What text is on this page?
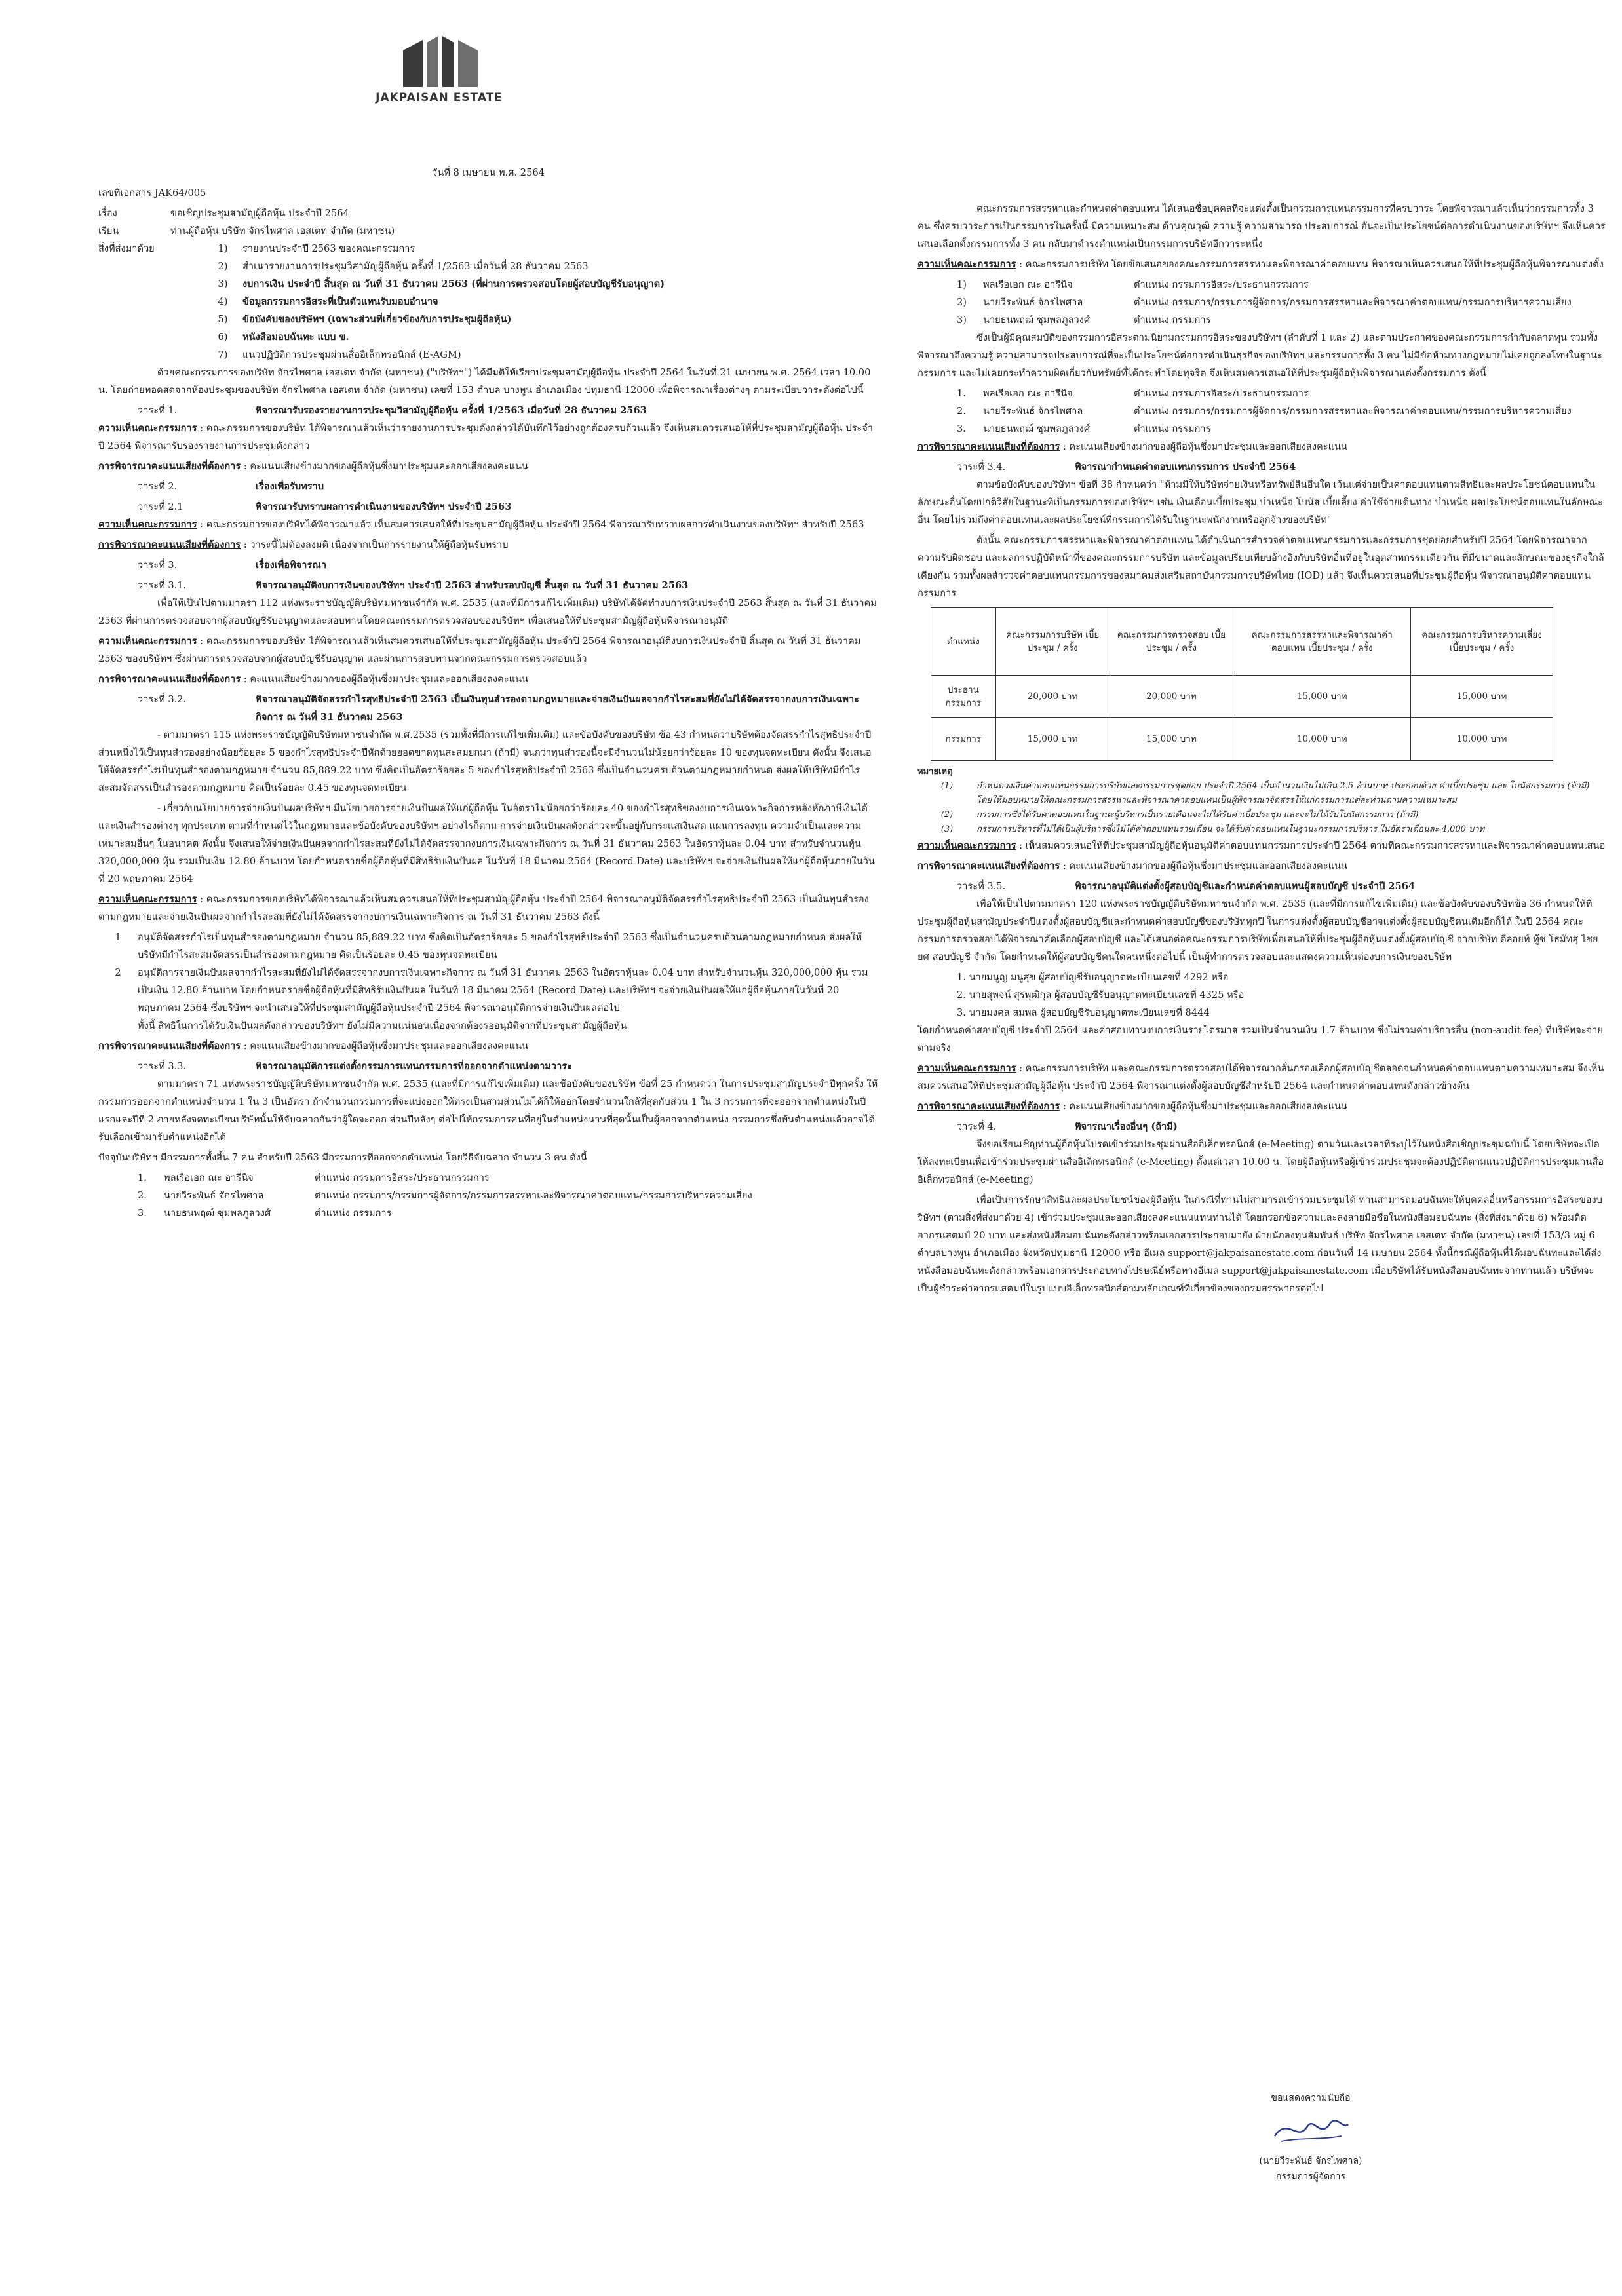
JAKPAISAN ESTATE

วันที่ 8 เมษายน พ.ศ. 2564

เลขที่เอกสาร JAK64/005

เรื่อง	ขอเชิญประชุมสามัญผู้ถือหุ้น ประจำปี 2564
เรียน	ท่านผู้ถือหุ้น บริษัท จักรไพศาล เอสเตท จำกัด (มหาชน)
สิ่งที่ส่งมาด้วย	1)	รายงานประจำปี 2563 ของคณะกรรมการ
2)	สำเนารายงานการประชุมวิสามัญผู้ถือหุ้น ครั้งที่ 1/2563 เมื่อวันที่ 28 ธันวาคม 2563
3)	งบการเงิน ประจำปี สิ้นสุด ณ วันที่ 31 ธันวาคม 2563 (ที่ผ่านการตรวจสอบโดยผู้สอบบัญชีรับอนุญาต)
4)	ข้อมูลกรรมการอิสระที่เป็นตัวแทนรับมอบอำนาจ
5)	ข้อบังคับของบริษัทฯ (เฉพาะส่วนที่เกี่ยวข้องกับการประชุมผู้ถือหุ้น)
6)	หนังสือมอบฉันทะ แบบ ข.
7)	แนวปฏิบัติการประชุมผ่านสื่ออิเล็กทรอนิกส์ (E-AGM)

ด้วยคณะกรรมการของบริษัท จักรไพศาล เอสเตท จำกัด (มหาชน) ("บริษัทฯ") ได้มีมติให้เรียกประชุมสามัญผู้ถือหุ้น ประจำปี 2564 ในวันที่ 21 เมษายน พ.ศ. 2564 เวลา 10.00 น. โดยถ่ายทอดสดจากห้องประชุมของบริษัท จักรไพศาล เอสเตท จำกัด (มหาชน) เลขที่ 153 ตำบล บางพูน อำเภอเมือง ปทุมธานี 12000 เพื่อพิจารณาเรื่องต่างๆ ตามระเบียบวาระดังต่อไปนี้

วาระที่ 1.	พิจารณารับรองรายงานการประชุมวิสามัญผู้ถือหุ้น ครั้งที่ 1/2563 เมื่อวันที่ 28 ธันวาคม 2563

ความเห็นคณะกรรมการ : คณะกรรมการของบริษัท ได้พิจารณาแล้วเห็นว่ารายงานการประชุมดังกล่าวได้บันทึกไว้อย่างถูกต้องครบถ้วนแล้ว จึงเห็นสมควรเสนอให้ที่ประชุมสามัญผู้ถือหุ้น ประจำปี 2564 พิจารณารับรองรายงานการประชุมดังกล่าว

การพิจารณาคะแนนเสียงที่ต้องการ : คะแนนเสียงข้างมากของผู้ถือหุ้นซึ่งมาประชุมและออกเสียงลงคะแนน

วาระที่ 2.	เรื่องเพื่อรับทราบ
วาระที่ 2.1	พิจารณารับทราบผลการดำเนินงานของบริษัทฯ ประจำปี 2563

ความเห็นคณะกรรมการ : คณะกรรมการของบริษัทได้พิจารณาแล้ว เห็นสมควรเสนอให้ที่ประชุมสามัญผู้ถือหุ้น ประจำปี 2564 พิจารณารับทราบผลการดำเนินงานของบริษัทฯ สำหรับปี 2563

การพิจารณาคะแนนเสียงที่ต้องการ : วาระนี้ไม่ต้องลงมติ เนื่องจากเป็นการรายงานให้ผู้ถือหุ้นรับทราบ

วาระที่ 3.	เรื่องเพื่อพิจารณา
วาระที่ 3.1.	พิจารณาอนุมัติงบการเงินของบริษัทฯ ประจำปี 2563 สำหรับรอบบัญชี สิ้นสุด ณ วันที่ 31 ธันวาคม 2563

เพื่อให้เป็นไปตามมาตรา 112 แห่งพระราชบัญญัติบริษัทมหาชนจำกัด พ.ศ. 2535 (และที่มีการแก้ไขเพิ่มเติม) บริษัทได้จัดทำงบการเงินประจำปี 2563 สิ้นสุด ณ วันที่ 31 ธันวาคม 2563 ที่ผ่านการตรวจสอบจากผู้สอบบัญชีรับอนุญาตและสอบทานโดยคณะกรรมการตรวจสอบของบริษัทฯ เพื่อเสนอให้ที่ประชุมสามัญผู้ถือหุ้นพิจารณาอนุมัติ

ความเห็นคณะกรรมการ : คณะกรรมการของบริษัท ได้พิจารณาแล้วเห็นสมควรเสนอให้ที่ประชุมสามัญผู้ถือหุ้น ประจำปี 2564 พิจารณาอนุมัติงบการเงินประจำปี สิ้นสุด ณ วันที่ 31 ธันวาคม 2563 ของบริษัทฯ ซึ่งผ่านการตรวจสอบจากผู้สอบบัญชีรับอนุญาต และผ่านการสอบทานจากคณะกรรมการตรวจสอบแล้ว

การพิจารณาคะแนนเสียงที่ต้องการ : คะแนนเสียงข้างมากของผู้ถือหุ้นซึ่งมาประชุมและออกเสียงลงคะแนน

วาระที่ 3.2.	พิจารณาอนุมัติจัดสรรกำไรสุทธิประจำปี 2563 เป็นเงินทุนสำรองตามกฎหมายและจ่ายเงินปันผลจากกำไรสะสมที่ยังไม่ได้จัดสรรจากงบการเงินเฉพาะกิจการ ณ วันที่ 31 ธันวาคม 2563

- ตามมาตรา 115 แห่งพระราชบัญญัติบริษัทมหาชนจำกัด พ.ศ.2535 (รวมทั้งที่มีการแก้ไขเพิ่มเติม) และข้อบังคับของบริษัท ข้อ 43 กำหนดว่าบริษัทต้องจัดสรรกำไรสุทธิประจำปีส่วนหนึ่งไว้เป็นทุนสำรองอย่างน้อยร้อยละ 5 ของกำไรสุทธิประจำปีหักด้วยยอดขาดทุนสะสมยกมา (ถ้ามี) จนกว่าทุนสำรองนี้จะมีจำนวนไม่น้อยกว่าร้อยละ 10 ของทุนจดทะเบียน ดังนั้น จึงเสนอให้จัดสรรกำไรเป็นทุนสำรองตามกฎหมาย จำนวน 85,889.22 บาท ซึ่งคิดเป็นอัตราร้อยละ 5 ของกำไรสุทธิประจำปี 2563 ซึ่งเป็นจำนวนครบถ้วนตามกฎหมายกำหนด ส่งผลให้บริษัทมีกำไรสะสมจัดสรรเป็นสำรองตามกฎหมาย คิดเป็นร้อยละ 0.45 ของทุนจดทะเบียน

- เกี่ยวกับนโยบายการจ่ายเงินปันผลบริษัทฯ มีนโยบายการจ่ายเงินปันผลให้แก่ผู้ถือหุ้น ในอัตราไม่น้อยกว่าร้อยละ 40 ของกำไรสุทธิของงบการเงินเฉพาะกิจการหลังหักภาษีเงินได้และเงินสำรองต่างๆ ทุกประเภท ตามที่กำหนดไว้ในกฎหมายและข้อบังคับของบริษัทฯ อย่างไรก็ตาม การจ่ายเงินปันผลดังกล่าวจะขึ้นอยู่กับกระแสเงินสด แผนการลงทุน ความจำเป็นและความเหมาะสมอื่นๆ ในอนาคต ดังนั้น จึงเสนอให้จ่ายเงินปันผลจากกำไรสะสมที่ยังไม่ได้จัดสรรจากงบการเงินเฉพาะกิจการ ณ วันที่ 31 ธันวาคม 2563 ในอัตราหุ้นละ 0.04 บาท สำหรับจำนวนหุ้น 320,000,000 หุ้น รวมเป็นเงิน 12.80 ล้านบาท โดยกำหนดรายชื่อผู้ถือหุ้นที่มีสิทธิรับเงินปันผล ในวันที่ 18 มีนาคม 2564 (Record Date) และบริษัทฯ จะจ่ายเงินปันผลให้แก่ผู้ถือหุ้นภายในวันที่ 20 พฤษภาคม 2564

ความเห็นคณะกรรมการ : คณะกรรมการของบริษัทได้พิจารณาแล้วเห็นสมควรเสนอให้ที่ประชุมสามัญผู้ถือหุ้น ประจำปี 2564 พิจารณาอนุมัติจัดสรรกำไรสุทธิประจำปี 2563 เป็นเงินทุนสำรองตามกฎหมายและจ่ายเงินปันผลจากกำไรสะสมที่ยังไม่ได้จัดสรรจากงบการเงินเฉพาะกิจการ ณ วันที่ 31 ธันวาคม 2563 ดังนี้

1	อนุมัติจัดสรรกำไรเป็นทุนสำรองตามกฎหมาย จำนวน 85,889.22 บาท ซึ่งคิดเป็นอัตราร้อยละ 5 ของกำไรสุทธิประจำปี 2563 ซึ่งเป็นจำนวนครบถ้วนตามกฎหมายกำหนด ส่งผลให้บริษัทมีกำไรสะสมจัดสรรเป็นสำรองตามกฎหมาย คิดเป็นร้อยละ 0.45 ของทุนจดทะเบียน
2	อนุมัติการจ่ายเงินปันผลจากกำไรสะสมที่ยังไม่ได้จัดสรรจากงบการเงินเฉพาะกิจการ ณ วันที่ 31 ธันวาคม 2563 ในอัตราหุ้นละ 0.04 บาท สำหรับจำนวนหุ้น 320,000,000 หุ้น รวมเป็นเงิน 12.80 ล้านบาท โดยกำหนดรายชื่อผู้ถือหุ้นที่มีสิทธิรับเงินปันผล ในวันที่ 18 มีนาคม 2564 (Record Date) และบริษัทฯ จะจ่ายเงินปันผลให้แก่ผู้ถือหุ้นภายในวันที่ 20 พฤษภาคม 2564 ซึ่งบริษัทฯ จะนำเสนอให้ที่ประชุมสามัญผู้ถือหุ้นประจำปี 2564 พิจารณาอนุมัติการจ่ายเงินปันผลต่อไป

ทั้งนี้ สิทธิในการได้รับเงินปันผลดังกล่าวของบริษัทฯ ยังไม่มีความแน่นอนเนื่องจากต้องรออนุมัติจากที่ประชุมสามัญผู้ถือหุ้น

การพิจารณาคะแนนเสียงที่ต้องการ : คะแนนเสียงข้างมากของผู้ถือหุ้นซึ่งมาประชุมและออกเสียงลงคะแนน

วาระที่ 3.3.	พิจารณาอนุมัติการแต่งตั้งกรรมการแทนกรรมการที่ออกจากตำแหน่งตามวาระ

ตามมาตรา 71 แห่งพระราชบัญญัติบริษัทมหาชนจำกัด พ.ศ. 2535 (และที่มีการแก้ไขเพิ่มเติม) และข้อบังคับของบริษัท ข้อที่ 25 กำหนดว่า ในการประชุมสามัญประจำปีทุกครั้ง ให้กรรมการออกจากตำแหน่งจำนวน 1 ใน 3 เป็นอัตรา ถ้าจำนวนกรรมการที่จะแบ่งออกให้ตรงเป็นสามส่วนไม่ได้ก็ให้ออกโดยจำนวนใกล้ที่สุดกับส่วน 1 ใน 3 กรรมการที่จะออกจากตำแหน่งในปีแรกและปีที่ 2 ภายหลังจดทะเบียนบริษัทนั้นให้จับฉลากกันว่าผู้ใดจะออก ส่วนปีหลังๆ ต่อไปให้กรรมการคนที่อยู่ในตำแหน่งนานที่สุดนั้นเป็นผู้ออกจากตำแหน่ง กรรมการซึ่งพ้นตำแหน่งแล้วอาจได้รับเลือกเข้ามารับตำแหน่งอีกได้

ปัจจุบันบริษัทฯ มีกรรมการทั้งสิ้น 7 คน สำหรับปี 2563 มีกรรมการที่ออกจากตำแหน่ง โดยวิธีจับฉลาก จำนวน 3 คน ดังนี้

1.	พลเรือเอก ณะ อารีนิจ	ตำแหน่ง กรรมการอิสระ/ประธานกรรมการ
2.	นายวีระพันธ์ จักรไพศาล	ตำแหน่ง กรรมการ/กรรมการผู้จัดการ/กรรมการสรรหาและพิจารณาค่าตอบแทน/กรรมการบริหารความเสี่ยง
3.	นายธนพฤฒ์ ชุมพลภูลวงศ์	ตำแหน่ง กรรมการ

คณะกรรมการสรรหาและกำหนดค่าตอบแทน ได้เสนอชื่อบุคคลที่จะแต่งตั้งเป็นกรรมการแทนกรรมการที่ครบวาระ โดยพิจารณาแล้วเห็นว่ากรรมการทั้ง 3 คน ซึ่งครบวาระการเป็นกรรมการในครั้งนี้ มีความเหมาะสม ด้านคุณวุฒิ ความรู้ ความสามารถ ประสบการณ์ อันจะเป็นประโยชน์ต่อการดำเนินงานของบริษัทฯ จึงเห็นควรเสนอเลือกตั้งกรรมการทั้ง 3 คน กลับมาดำรงตำแหน่งเป็นกรรมการบริษัทอีกวาระหนึ่ง

ความเห็นคณะกรรมการ : คณะกรรมการบริษัท โดยข้อเสนอของคณะกรรมการสรรหาและพิจารณาค่าตอบแทน พิจารณาเห็นควรเสนอให้ที่ประชุมผู้ถือหุ้นพิจารณาแต่งตั้ง

1)	พลเรือเอก ณะ อารีนิจ	ตำแหน่ง กรรมการอิสระ/ประธานกรรมการ
2)	นายวีระพันธ์ จักรไพศาล	ตำแหน่ง กรรมการ/กรรมการผู้จัดการ/กรรมการสรรหาและพิจารณาค่าตอบแทน/กรรมการบริหารความเสี่ยง
3)	นายธนพฤฒ์ ชุมพลภูลวงศ์	ตำแหน่ง กรรมการ

ซึ่งเป็นผู้มีคุณสมบัติของกรรมการอิสระตามนิยามกรรมการอิสระของบริษัทฯ (ลำดับที่ 1 และ 2) และตามประกาศของคณะกรรมการกำกับตลาดทุน รวมทั้งพิจารณาถึงความรู้ ความสามารถประสบการณ์ที่จะเป็นประโยชน์ต่อการดำเนินธุรกิจของบริษัทฯ และกรรมการทั้ง 3 คน ไม่มีข้อห้ามทางกฎหมายไม่เคยถูกลงโทษในฐานะกรรมการ และไม่เคยกระทำความผิดเกี่ยวกับทรัพย์ที่ได้กระทำโดยทุจริต จึงเห็นสมควรเสนอให้ที่ประชุมผู้ถือหุ้นพิจารณาแต่งตั้งกรรมการ ดังนี้

1.	พลเรือเอก ณะ อารีนิจ	ตำแหน่ง กรรมการอิสระ/ประธานกรรมการ
2.	นายวีระพันธ์ จักรไพศาล	ตำแหน่ง กรรมการ/กรรมการผู้จัดการ/กรรมการสรรหาและพิจารณาค่าตอบแทน/กรรมการบริหารความเสี่ยง
3.	นายธนพฤฒ์ ชุมพลภูลวงศ์	ตำแหน่ง กรรมการ

การพิจารณาคะแนนเสียงที่ต้องการ : คะแนนเสียงข้างมากของผู้ถือหุ้นซึ่งมาประชุมและออกเสียงลงคะแนน

วาระที่ 3.4.	พิจารณากำหนดค่าตอบแทนกรรมการ ประจำปี 2564

ตามข้อบังคับของบริษัทฯ ข้อที่ 38 กำหนดว่า "ห้ามมิให้บริษัทจ่ายเงินหรือทรัพย์สินอื่นใด เว้นแต่จ่ายเป็นค่าตอบแทนตามสิทธิและผลประโยชน์ตอบแทนในลักษณะอื่นโดยปกติวิสัยในฐานะที่เป็นกรรมการของบริษัทฯ เช่น เงินเดือนเบี้ยประชุม บำเหน็จ โบนัส เบี้ยเลี้ยง ค่าใช้จ่ายเดินทาง บำเหน็จ ผลประโยชน์ตอบแทนในลักษณะอื่น โดยไม่รวมถึงค่าตอบแทนและผลประโยชน์ที่กรรมการได้รับในฐานะพนักงานหรือลูกจ้างของบริษัท"

ดังนั้น คณะกรรมการสรรหาและพิจารณาค่าตอบแทน ได้ดำเนินการสำรวจค่าตอบแทนกรรมการและกรรมการชุดย่อยสำหรับปี 2564 โดยพิจารณาจากความรับผิดชอบ และผลการปฏิบัติหน้าที่ของคณะกรรมการบริษัท และข้อมูลเปรียบเทียบอ้างอิงกับบริษัทอื่นที่อยู่ในอุตสาหกรรมเดียวกัน ที่มีขนาดและลักษณะของธุรกิจใกล้เคียงกัน รวมทั้งผลสำรวจค่าตอบแทนกรรมการของสมาคมส่งเสริมสถาบันกรรมการบริษัทไทย (IOD) แล้ว จึงเห็นควรเสนอที่ประชุมผู้ถือหุ้น พิจารณาอนุมัติค่าตอบแทนกรรมการ

ตำแหน่ง	คณะกรรมการบริษัท เบี้ยประชุม / ครั้ง	คณะกรรมการตรวจสอบ เบี้ยประชุม / ครั้ง	คณะกรรมการสรรหาและพิจารณาค่าตอบแทน เบี้ยประชุม / ครั้ง	คณะกรรมการบริหารความเสี่ยง เบี้ยประชุม / ครั้ง
ประธานกรรมการ	20,000 บาท	20,000 บาท	15,000 บาท	15,000 บาท
กรรมการ	15,000 บาท	15,000 บาท	10,000 บาท	10,000 บาท
หมายเหตุ
(1)	กำหนดวงเงินค่าตอบแทนกรรมการบริษัทและกรรมการชุดย่อย ประจำปี 2564 เป็นจำนวนเงินไม่เกิน 2.5 ล้านบาท ประกอบด้วย ค่าเบี้ยประชุม และ โบนัสกรรมการ (ถ้ามี) โดยให้มอบหมายให้คณะกรรมการสรรหาและพิจารณาค่าตอบแทนเป็นผู้พิจารณาจัดสรรให้แก่กรรมการแต่ละท่านตามความเหมาะสม
(2)	กรรมการซึ่งได้รับค่าตอบแทนในฐานะผู้บริหารเป็นรายเดือนจะไม่ได้รับค่าเบี้ยประชุม และจะไม่ได้รับโบนัสกรรมการ (ถ้ามี)
(3)	กรรมการบริหารที่ไม่ได้เป็นผู้บริหารซึ่งไม่ได้ค่าตอบแทนรายเดือน จะได้รับค่าตอบแทนในฐานะกรรมการบริหาร ในอัตราเดือนละ 4,000 บาท

ความเห็นคณะกรรมการ : เห็นสมควรเสนอให้ที่ประชุมสามัญผู้ถือหุ้นอนุมัติค่าตอบแทนกรรมการประจำปี 2564 ตามที่คณะกรรมการสรรหาและพิจารณาค่าตอบแทนเสนอ

การพิจารณาคะแนนเสียงที่ต้องการ : คะแนนเสียงข้างมากของผู้ถือหุ้นซึ่งมาประชุมและออกเสียงลงคะแนน

วาระที่ 3.5.	พิจารณาอนุมัติแต่งตั้งผู้สอบบัญชีและกำหนดค่าตอบแทนผู้สอบบัญชี ประจำปี 2564

เพื่อให้เป็นไปตามมาตรา 120 แห่งพระราชบัญญัติบริษัทมหาชนจำกัด พ.ศ. 2535 (และที่มีการแก้ไขเพิ่มเติม) และข้อบังคับของบริษัทข้อ 36 กำหนดให้ที่ประชุมผู้ถือหุ้นสามัญประจำปีแต่งตั้งผู้สอบบัญชีและกำหนดค่าสอบบัญชีของบริษัททุกปี ในการแต่งตั้งผู้สอบบัญชีอาจแต่งตั้งผู้สอบบัญชีคนเดิมอีกก็ได้ ในปี 2564 คณะกรรมการตรวจสอบได้พิจารณาคัดเลือกผู้สอบบัญชี และได้เสนอต่อคณะกรรมการบริษัทเพื่อเสนอให้ที่ประชุมผู้ถือหุ้นแต่งตั้งผู้สอบบัญชี จากบริษัท ดีลอยท์ ทู้ช โธมัทสุ ไชยยศ สอบบัญชี จำกัด โดยกำหนดให้ผู้สอบบัญชีคนใดคนหนึ่งต่อไปนี้ เป็นผู้ทำการตรวจสอบและแสดงความเห็นต่องบการเงินของบริษัท

1. นายมนูญ มนูสุข ผู้สอบบัญชีรับอนุญาตทะเบียนเลขที่ 4292 หรือ
2. นายสุพจน์ สุรพุฒิกุล ผู้สอบบัญชีรับอนุญาตทะเบียนเลขที่ 4325 หรือ
3. นายมงคล สมพล ผู้สอบบัญชีรับอนุญาตทะเบียนเลขที่ 8444

โดยกำหนดค่าสอบบัญชี ประจำปี 2564 และค่าสอบทานงบการเงินรายไตรมาส รวมเป็นจำนวนเงิน 1.7 ล้านบาท ซึ่งไม่รวมค่าบริการอื่น (non-audit fee) ที่บริษัทจะจ่ายตามจริง

ความเห็นคณะกรรมการ : คณะกรรมการบริษัท และคณะกรรมการตรวจสอบได้พิจารณากลั่นกรองเลือกผู้สอบบัญชีตลอดจนกำหนดค่าตอบแทนตามความเหมาะสม จึงเห็นสมควรเสนอให้ที่ประชุมสามัญผู้ถือหุ้น ประจำปี 2564 พิจารณาแต่งตั้งผู้สอบบัญชีสำหรับปี 2564 และกำหนดค่าตอบแทนดังกล่าวข้างต้น

การพิจารณาคะแนนเสียงที่ต้องการ : คะแนนเสียงข้างมากของผู้ถือหุ้นซึ่งมาประชุมและออกเสียงลงคะแนน

วาระที่ 4.	พิจารณาเรื่องอื่นๆ (ถ้ามี)

จึงขอเรียนเชิญท่านผู้ถือหุ้นโปรดเข้าร่วมประชุมผ่านสื่ออิเล็กทรอนิกส์ (e-Meeting) ตามวันและเวลาที่ระบุไว้ในหนังสือเชิญประชุมฉบับนี้ โดยบริษัทจะเปิดให้ลงทะเบียนเพื่อเข้าร่วมประชุมผ่านสื่ออิเล็กทรอนิกส์ (e-Meeting) ตั้งแต่เวลา 10.00 น. โดยผู้ถือหุ้นหรือผู้เข้าร่วมประชุมจะต้องปฏิบัติตามแนวปฏิบัติการประชุมผ่านสื่ออิเล็กทรอนิกส์ (e-Meeting)

เพื่อเป็นการรักษาสิทธิและผลประโยชน์ของผู้ถือหุ้น ในกรณีที่ท่านไม่สามารถเข้าร่วมประชุมได้ ท่านสามารถมอบฉันทะให้บุคคลอื่นหรือกรรมการอิสระของบริษัทฯ (ตามสิ่งที่ส่งมาด้วย 4) เข้าร่วมประชุมและออกเสียงลงคะแนนแทนท่านได้ โดยกรอกข้อความและลงลายมือชื่อในหนังสือมอบฉันทะ (สิ่งที่ส่งมาด้วย 6) พร้อมติดอากรแสตมป์ 20 บาท และส่งหนังสือมอบฉันทะดังกล่าวพร้อมเอกสารประกอบมายัง ฝ่ายนักลงทุนสัมพันธ์ บริษัท จักรไพศาล เอสเตท จำกัด (มหาชน) เลขที่ 153/3 หมู่ 6 ตำบลบางพูน อำเภอเมือง จังหวัดปทุมธานี 12000 หรือ อีเมล support@jakpaisanestate.com ก่อนวันที่ 14 เมษายน 2564 ทั้งนี้กรณีผู้ถือหุ้นที่ได้มอบฉันทะและได้ส่งหนังสือมอบฉันทะดังกล่าวพร้อมเอกสารประกอบทางไปรษณีย์หรือทางอีเมล support@jakpaisanestate.com เมื่อบริษัทได้รับหนังสือมอบฉันทะจากท่านแล้ว บริษัทจะเป็นผู้ชำระค่าอากรแสตมป์ในรูปแบบอิเล็กทรอนิกส์ตามหลักเกณฑ์ที่เกี่ยวข้องของกรมสรรพากรต่อไป

ขอแสดงความนับถือ
(นายวีระพันธ์ จักรไพศาล)
กรรมการผู้จัดการ
